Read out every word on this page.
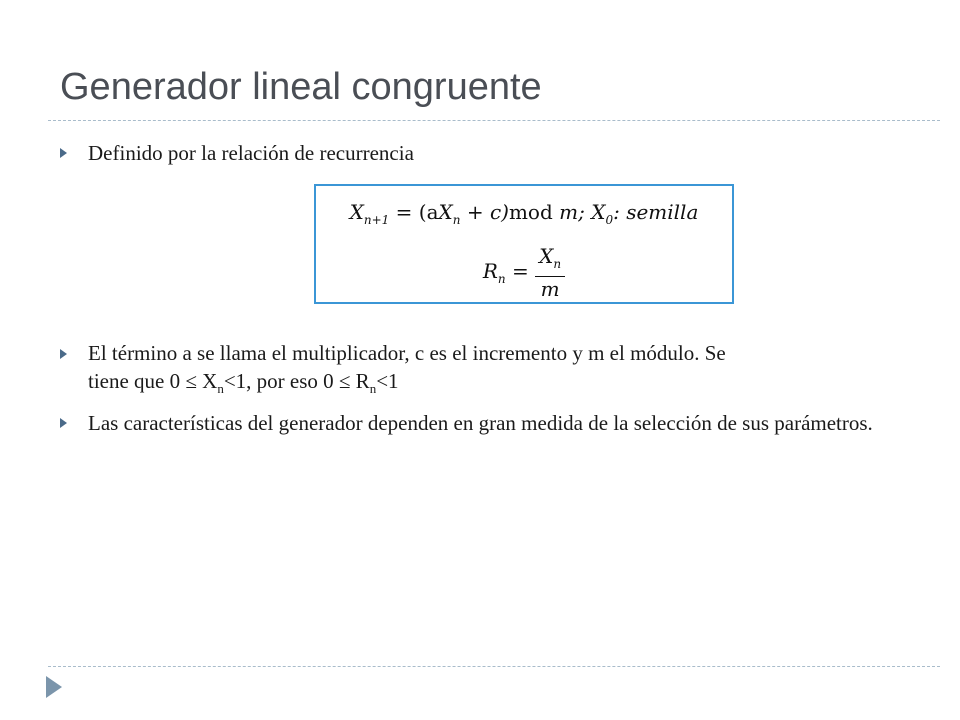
Generador lineal congruente
Definido por la relación de recurrencia
$X_{n+1} = (aX_n + c)mod$ m; $X_0$: semilla
$R_n = \frac{X_n}{m}$
El término a se llama el multiplicador, c es el incremento y m el módulo. Se
tiene que $0 \le X_n<1$, por eso $0 \le R_n<1$
Las características del generador dependen en gran medida de la selección de sus parámetros.
